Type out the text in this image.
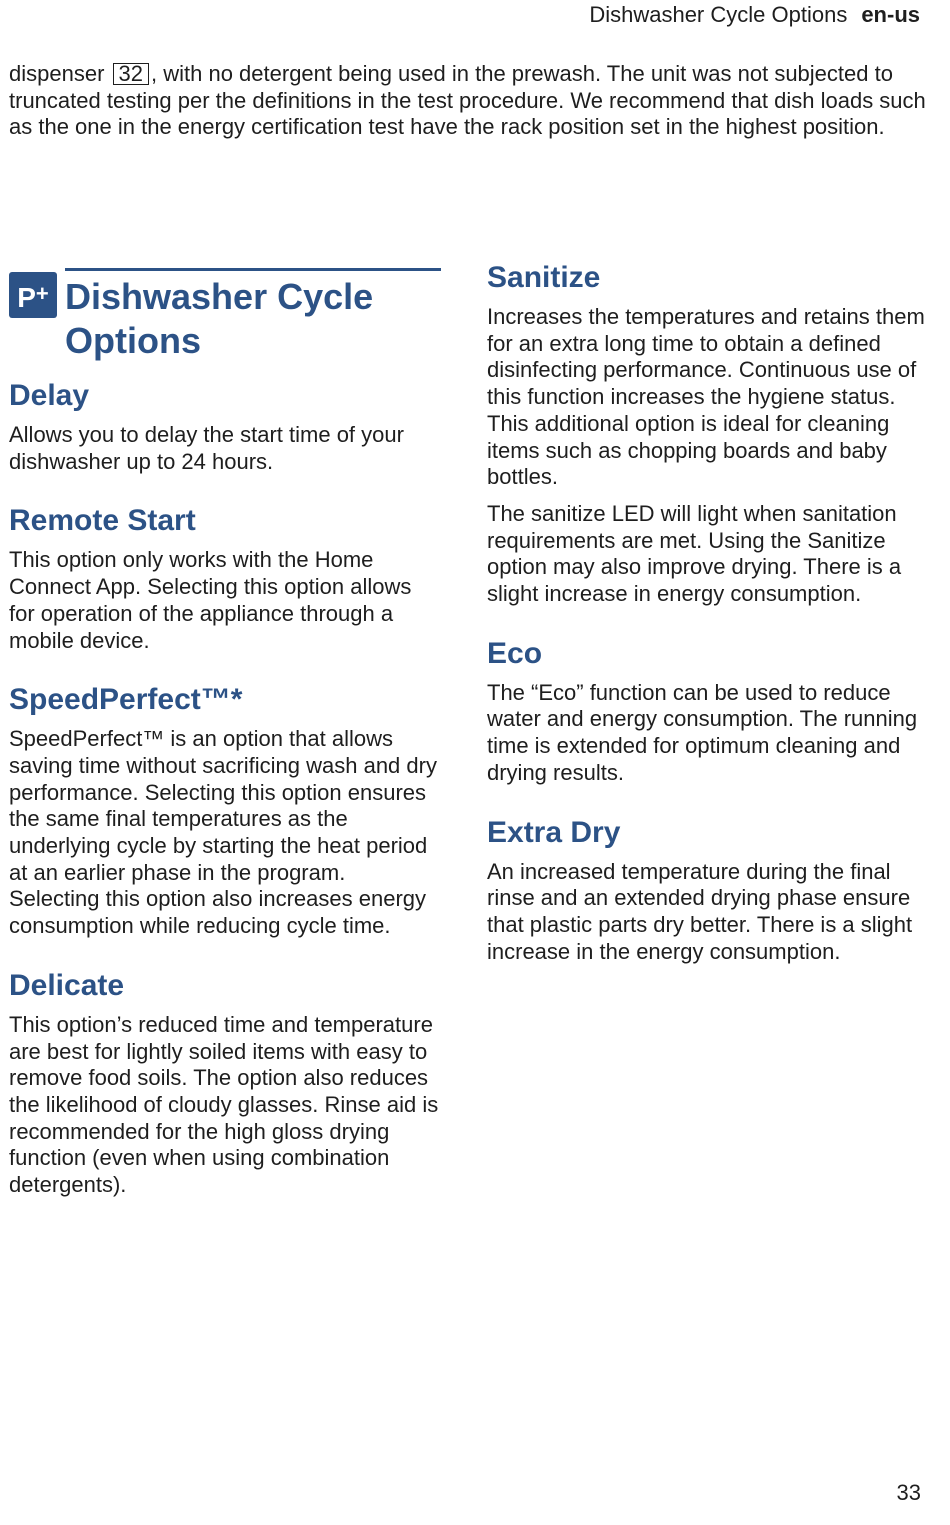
Dishwasher Cycle Options en-us
dispenser 32 , with no detergent being used in the prewash. The unit was not subjected to truncated testing per the definitions in the test procedure. We recommend that dish loads such as the one in the energy certification test have the rack position set in the highest position.
P+ Dishwasher Cycle Options
Delay

Allows you to delay the start time of your dishwasher up to 24 hours.

Remote Start

This option only works with the Home Connect App. Selecting this option allows for operation of the appliance through a mobile device.

SpeedPerfect™*

SpeedPerfect™ is an option that allows saving time without sacrificing wash and dry performance. Selecting this option ensures the same final temperatures as the underlying cycle by starting the heat period at an earlier phase in the program. Selecting this option also increases energy consumption while reducing cycle time.

Delicate

This option’s reduced time and temperature are best for lightly soiled items with easy to remove food soils. The option also reduces the likelihood of cloudy glasses. Rinse aid is recommended for the high gloss drying function (even when using combination detergents).

Sanitize

Increases the temperatures and retains them for an extra long time to obtain a defined disinfecting performance. Continuous use of this function increases the hygiene status. This additional option is ideal for cleaning items such as chopping boards and baby bottles.

The sanitize LED will light when sanitation requirements are met. Using the Sanitize option may also improve drying. There is a slight increase in energy consumption.

Eco

The “Eco” function can be used to reduce water and energy consumption. The running time is extended for optimum cleaning and drying results.

Extra Dry

An increased temperature during the final rinse and an extended drying phase ensure that plastic parts dry better. There is a slight increase in the energy consumption.

33
